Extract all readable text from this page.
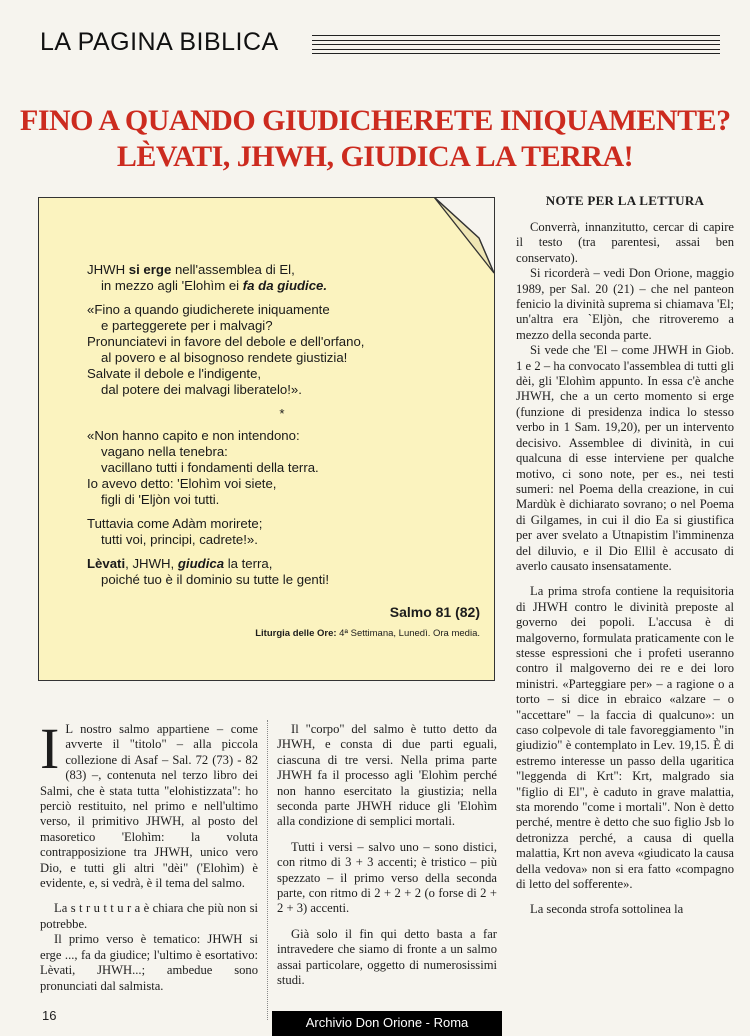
LA PAGINA BIBLICA
FINO A QUANDO GIUDICHERETE INIQUAMENTE?
LÈVATI, JHWH, GIUDICA LA TERRA!
JHWH si erge nell'assemblea di El,
in mezzo agli 'Elohìm ei fa da giudice.
«Fino a quando giudicherete iniquamente
e parteggerete per i malvagi?
Pronunciatevi in favore del debole e dell'orfano,
al povero e al bisognoso rendete giustizia!
Salvate il debole e l'indigente,
dal potere dei malvagi liberatelo!».
*
«Non hanno capito e non intendono:
vagano nella tenebra:
vacillano tutti i fondamenti della terra.
Io avevo detto: 'Elohìm voi siete,
figli di 'Eljòn voi tutti.
Tuttavia come Adàm morirete;
tutti voi, principi, cadrete!».
Lèvati, JHWH, giudica la terra,
poiché tuo è il dominio su tutte le genti!
Salmo 81 (82)
Liturgia delle Ore: 4ª Settimana, Lunedì. Ora media.
NOTE PER LA LETTURA

I L nostro salmo appartiene – come avverte il "titolo" – alla piccola collezione di Asaf – Sal. 72 (73) - 82 (83) –, contenuta nel terzo libro dei Salmi, che è stata tutta "elohistizzata": ho perciò restituito, nel primo e nell'ultimo verso, il primitivo JHWH, al posto del masoretico 'Elohìm: la voluta contrapposizione tra JHWH, unico vero Dio, e tutti gli altri "dèi" ('Elohìm) è evidente, e, si vedrà, è il tema del salmo.

La s t r u t t u r a è chiara che più non si potrebbe.

Il primo verso è tematico: JHWH si erge ..., fa da giudice; l'ultimo è esortativo: Lèvati, JHWH...; ambedue sono pronunciati dal salmista.

Il "corpo" del salmo è tutto detto da JHWH, e consta di due parti eguali, ciascuna di tre versi. Nella prima parte JHWH fa il processo agli 'Elohìm perché non hanno esercitato la giustizia; nella seconda parte JHWH riduce gli 'Elohìm alla condizione di semplici mortali.

Tutti i versi – salvo uno – sono distici, con ritmo di 3 + 3 accenti; è tristico – più spezzato – il primo verso della seconda parte, con ritmo di 2 + 2 + 2 (o forse di 2 + 2 + 3) accenti.

Già solo il fin qui detto basta a far intravedere che siamo di fronte a un salmo assai particolare, oggetto di numerosissimi studi.

Converrà, innanzitutto, cercar di capire il testo (tra parentesi, assai ben conservato).

Si ricorderà – vedi Don Orione, maggio 1989, per Sal. 20 (21) – che nel panteon fenicio la divinità suprema si chiamava 'El; un'altra era `Eljòn, che ritroveremo a mezzo della seconda parte.

Si vede che 'El – come JHWH in Giob. 1 e 2 – ha convocato l'assemblea di tutti gli dèi, gli 'Elohìm appunto. In essa c'è anche JHWH, che a un certo momento si erge (funzione di presidenza indica lo stesso verbo in 1 Sam. 19,20), per un intervento decisivo. Assemblee di divinità, in cui qualcuna di esse interviene per qualche motivo, ci sono note, per es., nei testi sumeri: nel Poema della creazione, in cui Mardùk è dichiarato sovrano; o nel Poema di Gilgames, in cui il dio Ea si giustifica per aver svelato a Utnapistim l'imminenza del diluvio, e il Dio Ellil è accusato di averlo causato insensatamente.

La prima strofa contiene la requisitoria di JHWH contro le divinità preposte al governo dei popoli. L'accusa è di malgoverno, formulata praticamente con le stesse espressioni che i profeti useranno contro il malgoverno dei re e dei loro ministri. «Parteggiare per» – a ragione o a torto – si dice in ebraico «alzare – o "accettare" – la faccia di qualcuno»: un caso colpevole di tale favoreggiamento "in giudizio" è contemplato in Lev. 19,15. È di estremo interesse un passo della ugaritica "leggenda di Krt": Krt, malgrado sia "figlio di El", è caduto in grave malattia, sta morendo "come i mortali". Non è detto perché, mentre è detto che suo figlio Jsb lo detronizza perché, a causa di quella malattia, Krt non aveva «giudicato la causa della vedova» non si era fatto «compagno di letto del sofferente».

La seconda strofa sottolinea la

16	Archivio Don Orione - Roma
